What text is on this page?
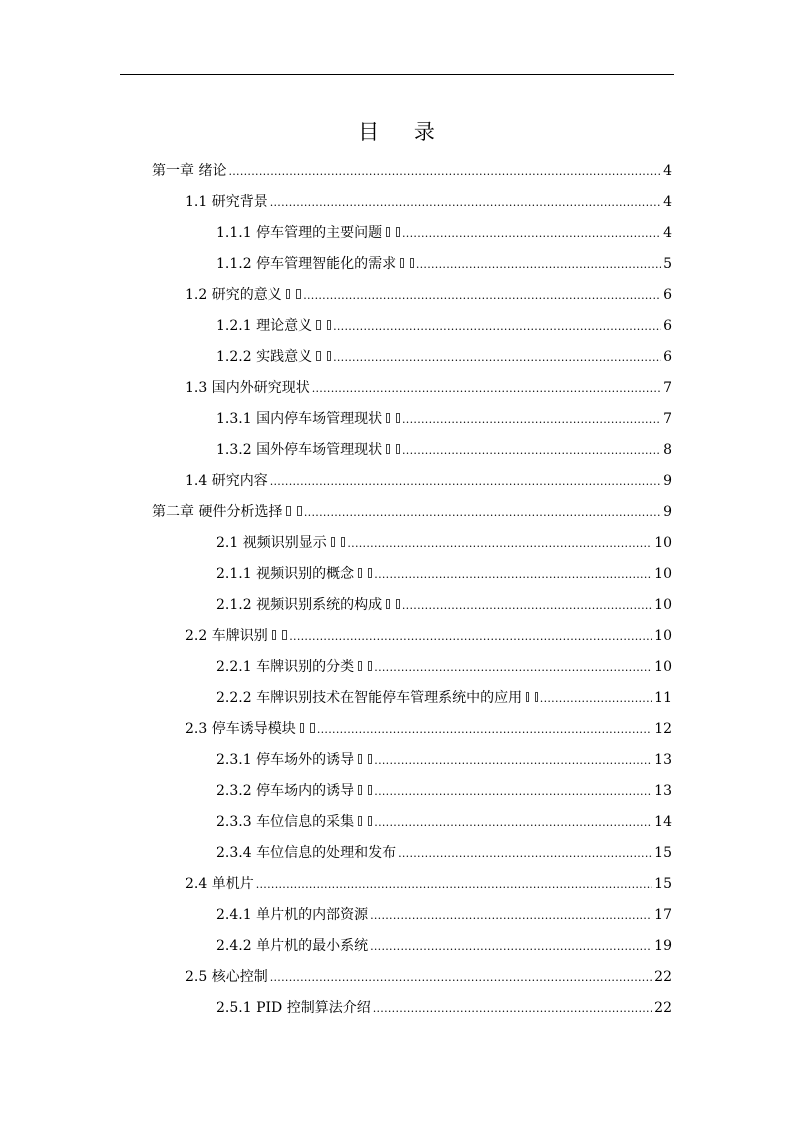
目 录
第一章 绪论 .....	4
1.1 研究背景 .....	4
1.1.1 停车管理的主要问题 .....	4
1.1.2 停车管理智能化的需求 .....	5
1.2 研究的意义 .....	6
1.2.1 理论意义 .....	6
1.2.2 实践意义 .....	6
1.3 国内外研究现状 .....	7
1.3.1 国内停车场管理现状 .....	7
1.3.2 国外停车场管理现状 .....	8
1.4 研究内容 .....	9
第二章 硬件分析选择 .....	9
2.1 视频识别显示 .....	10
2.1.1 视频识别的概念 .....	10
2.1.2 视频识别系统的构成 .....	10
2.2 车牌识别 .....	10
2.2.1 车牌识别的分类 .....	10
2.2.2 车牌识别技术在智能停车管理系统中的应用 .....	11
2.3 停车诱导模块 .....	12
2.3.1 停车场外的诱导 .....	13
2.3.2 停车场内的诱导 .....	13
2.3.3 车位信息的采集 .....	14
2.3.4 车位信息的处理和发布 .....	15
2.4 单机片 .....	15
2.4.1 单片机的内部资源 .....	17
2.4.2 单片机的最小系统 .....	19
2.5 核心控制 .....	22
2.5.1 PID 控制算法介绍 .....	22
